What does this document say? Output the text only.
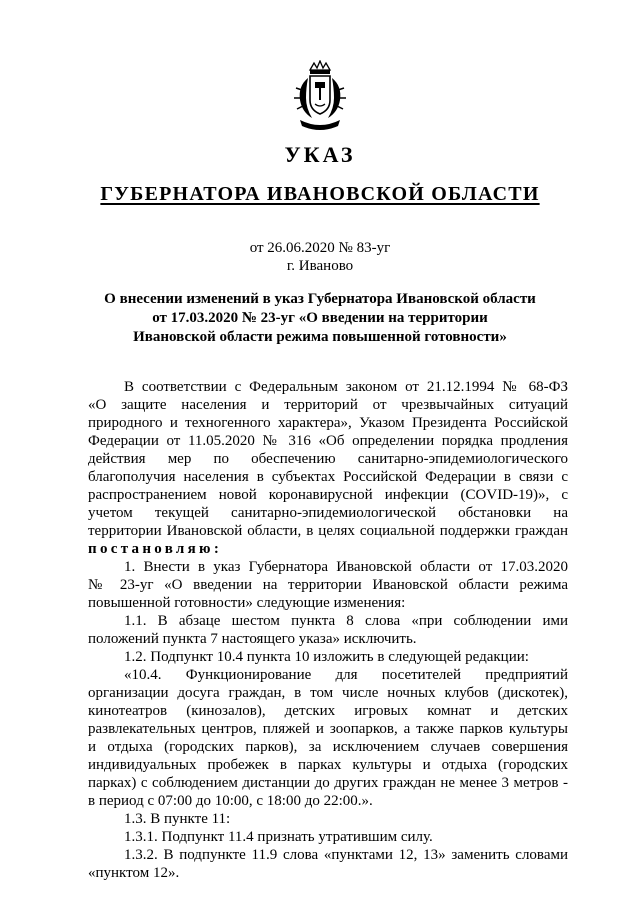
УКАЗ
ГУБЕРНАТОРА ИВАНОВСКОЙ ОБЛАСТИ
от 26.06.2020 № 83-уг
г. Иваново
О внесении изменений в указ Губернатора Ивановской области
от 17.03.2020 № 23-уг «О введении на территории
Ивановской области режима повышенной готовности»
В соответствии с Федеральным законом от 21.12.1994 № 68-ФЗ
«О защите населения и территорий от чрезвычайных ситуаций
природного и техногенного характера», Указом Президента Российской
Федерации от 11.05.2020 № 316 «Об определении порядка продления
действия мер по обеспечению санитарно-эпидемиологического
благополучия населения в субъектах Российской Федерации в связи с
распространением новой коронавирусной инфекции (COVID-19)», с
учетом текущей санитарно-эпидемиологической обстановки на
территории Ивановской области, в целях социальной поддержки граждан
постановляю:
1. Внести в указ Губернатора Ивановской области от 17.03.2020
№ 23-уг «О введении на территории Ивановской области режима
повышенной готовности» следующие изменения:
1.1. В абзаце шестом пункта 8 слова «при соблюдении ими
положений пункта 7 настоящего указа» исключить.
1.2. Подпункт 10.4 пункта 10 изложить в следующей редакции:
«10.4. Функционирование для посетителей предприятий
организации досуга граждан, в том числе ночных клубов (дискотек),
кинотеатров (кинозалов), детских игровых комнат и детских
развлекательных центров, пляжей и зоопарков, а также парков культуры
и отдыха (городских парков), за исключением случаев совершения
индивидуальных пробежек в парках культуры и отдыха (городских
парках) с соблюдением дистанции до других граждан не менее 3 метров -
в период с 07:00 до 10:00, с 18:00 до 22:00.».
1.3. В пункте 11:
1.3.1. Подпункт 11.4 признать утратившим силу.
1.3.2. В подпункте 11.9 слова «пунктами 12, 13» заменить словами
«пунктом 12».
